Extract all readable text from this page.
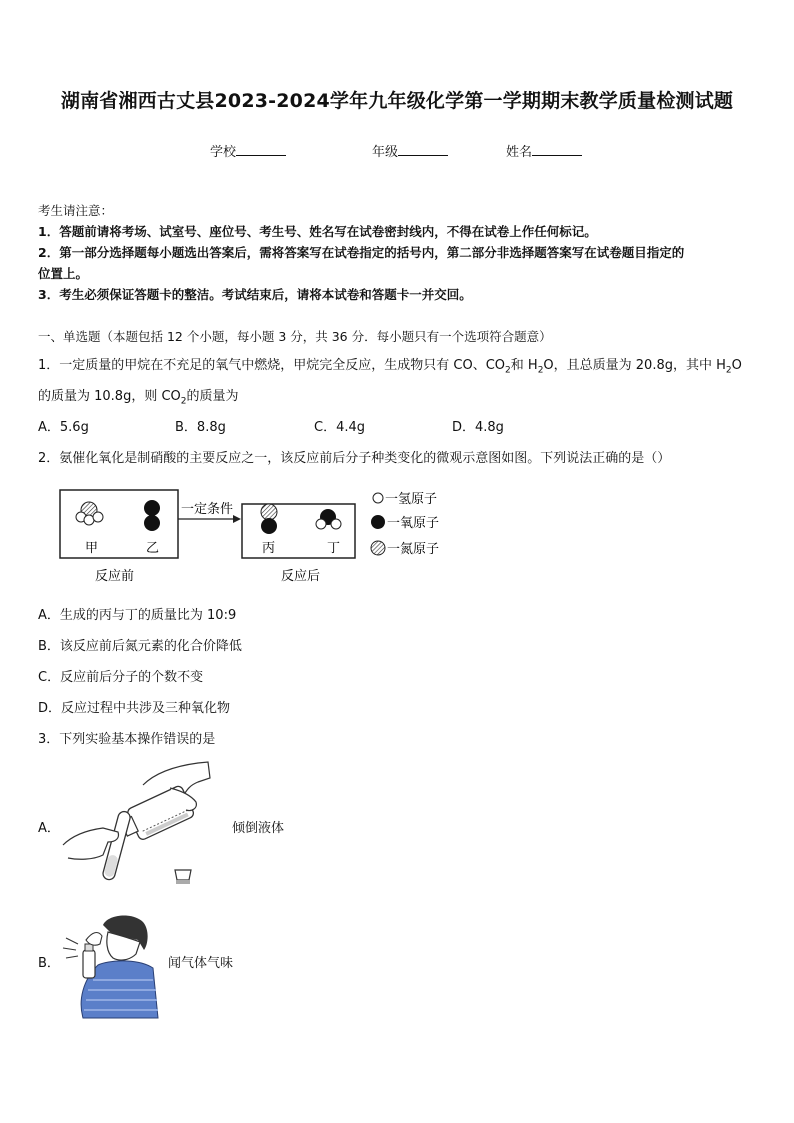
湖南省湘西古丈县2023-2024学年九年级化学第一学期期末教学质量检测试题
学校	年级	姓名
考生请注意：
1．答题前请将考场、试室号、座位号、考生号、姓名写在试卷密封线内，不得在试卷上作任何标记。
2．第一部分选择题每小题选出答案后，需将答案写在试卷指定的括号内，第二部分非选择题答案写在试卷题目指定的
位置上。
3．考生必须保证答题卡的整洁。考试结束后，请将本试卷和答题卡一并交回。
一、单选题（本题包括 12 个小题，每小题 3 分，共 36 分．每小题只有一个选项符合题意）
1．一定质量的甲烷在不充足的氧气中燃烧，甲烷完全反应，生成物只有 CO、$CO_2$和 $H_2O$，且总质量为 20.8g，其中 $H_2O$
的质量为 10.8g，则 $CO_2$的质量为
A．5.6g	B．8.8g	C．4.4g	D．4.8g
2．氨催化氧化是制硝酸的主要反应之一，该反应前后分子种类变化的微观示意图如图。下列说法正确的是（）
甲	乙
反应前
一定条件
丙	丁
反应后
一氢原子
一氧原子
一氮原子
A．生成的丙与丁的质量比为 10:9
B．该反应前后氮元素的化合价降低
C．反应前后分子的个数不变
D．反应过程中共涉及三种氧化物
3．下列实验基本操作错误的是
A．	倾倒液体
B．	闻气体气味
